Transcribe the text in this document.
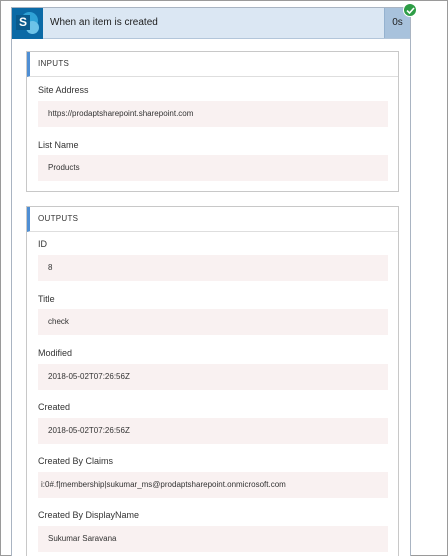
S	When an item is created	0s
INPUTS
Site Address
https://prodaptsharepoint.sharepoint.com
List Name
Products
OUTPUTS
ID
8
Title
check
Modified
2018-05-02T07:26:56Z
Created
2018-05-02T07:26:56Z
Created By Claims
i:0#.f|membership|sukumar_ms@prodaptsharepoint.onmicrosoft.com
Created By DisplayName
Sukumar Saravana
